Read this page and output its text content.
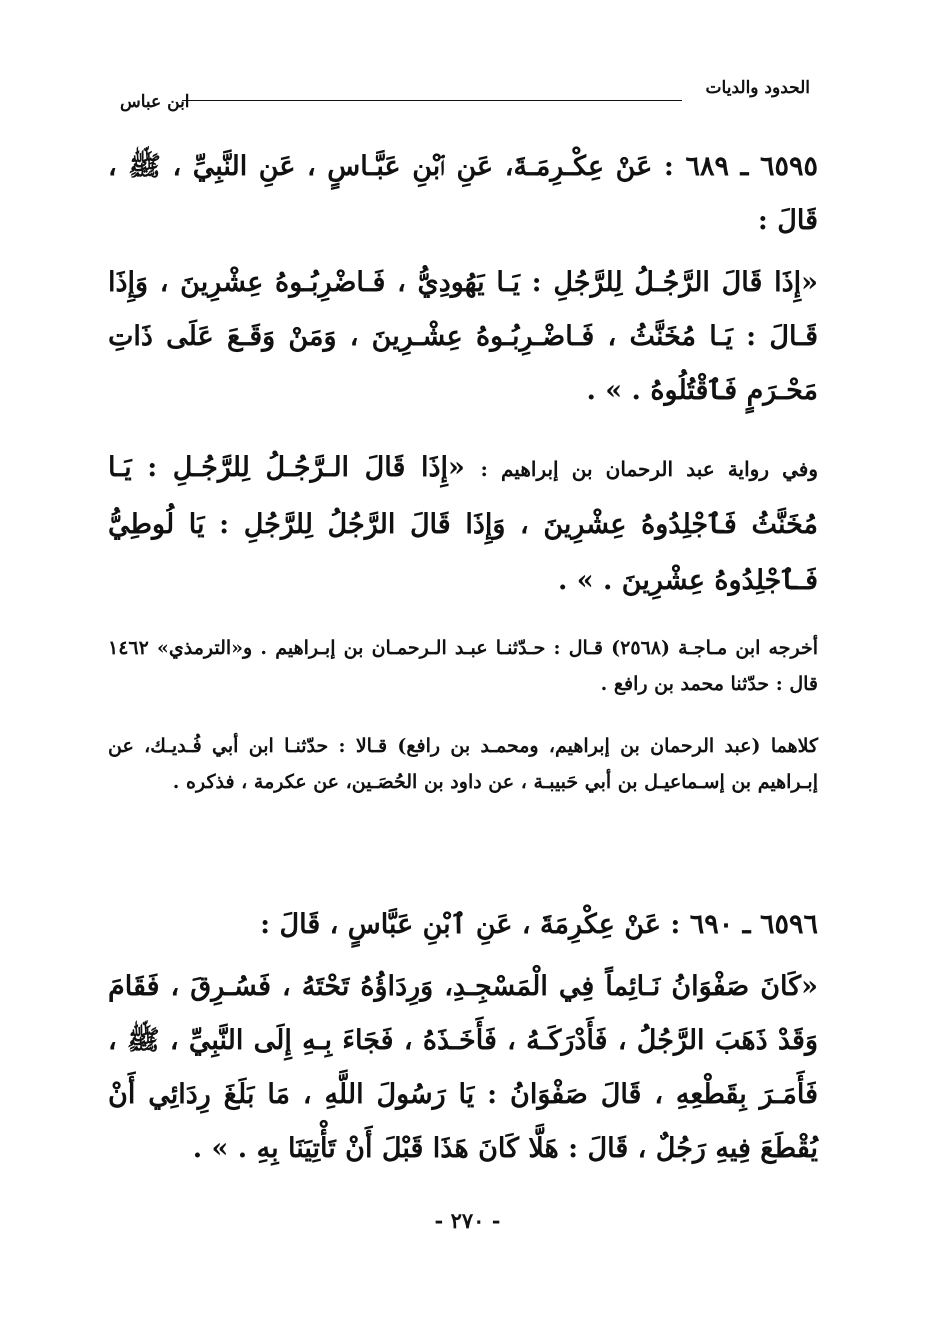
الحدود والديات
ابن عباس
٦٥٩٥ ـ ٦٨٩ : عَنْ عِكْـرِمَـةَ، عَنِ ٱبْنِ عَبَّـاسٍ ، عَنِ النَّبِيِّ ، ﷺ ، قَالَ :
«إِذَا قَالَ الرَّجُـلُ لِلرَّجُلِ : يَـا يَهُودِيُّ ، فَـاضْرِبُـوهُ عِشْرِينَ ، وَإِذَا قَـالَ : يَـا مُخَنَّثُ ، فَـاضْـرِبُـوهُ عِشْـرِينَ ، وَمَنْ وَقَـعَ عَلَى ذَاتِ مَحْـرَمٍ فَٱقْتُلُوهُ . » .
وفي رواية عبد الرحمان بن إبراهيم : «إِذَا قَالَ الـرَّجُـلُ لِلرَّجُـلِ : يَـا مُخَنَّثُ فَٱجْلِدُوهُ عِشْرِينَ ، وَإِذَا قَالَ الرَّجُلُ لِلرَّجُلِ : يَا لُوطِيُّ فَـٱجْلِدُوهُ عِشْرِينَ . » .
أخرجه ابن مـاجـة (٢٥٦٨) قـال : حـدّثنـا عبـد الـرحمـان بن إبـراهيم . و«الترمذي» ١٤٦٢ قال : حدّثنا محمد بن رافع .
كلاهما (عبد الرحمان بن إبراهيم، ومحمـد بن رافع) قـالا : حدّثنـا ابن أبي فُـديـك، عن إبـراهيم بن إسـماعيـل بن أبي حَبيبـة ، عن داود بن الحُصَـين، عن عكرمة ، فذكره .
٦٥٩٦ ـ ٦٩٠ : عَنْ عِكْرِمَةَ ، عَنِ ٱبْنِ عَبَّاسٍ ، قَالَ :
«كَانَ صَفْوَانُ نَـائِماً فِي الْمَسْجِـدِ، وَرِدَاؤُهُ تَحْتَهُ ، فَسُـرِقَ ، فَقَامَ وَقَدْ ذَهَبَ الرَّجُلُ ، فَأَدْرَكَـهُ ، فَأَخَـذَهُ ، فَجَاءَ بِـهِ إِلَى النَّبِيِّ ، ﷺ ، فَأَمَـرَ بِقَطْعِهِ ، قَالَ صَفْوَانُ : يَا رَسُولَ اللَّهِ ، مَا بَلَغَ رِدَائِي أَنْ يُقْطَعَ فِيهِ رَجُلٌ ، قَالَ : هَلَّا كَانَ هَذَا قَبْلَ أَنْ تَأْتِيَنَا بِهِ . » .
- ٢٧٠ -
